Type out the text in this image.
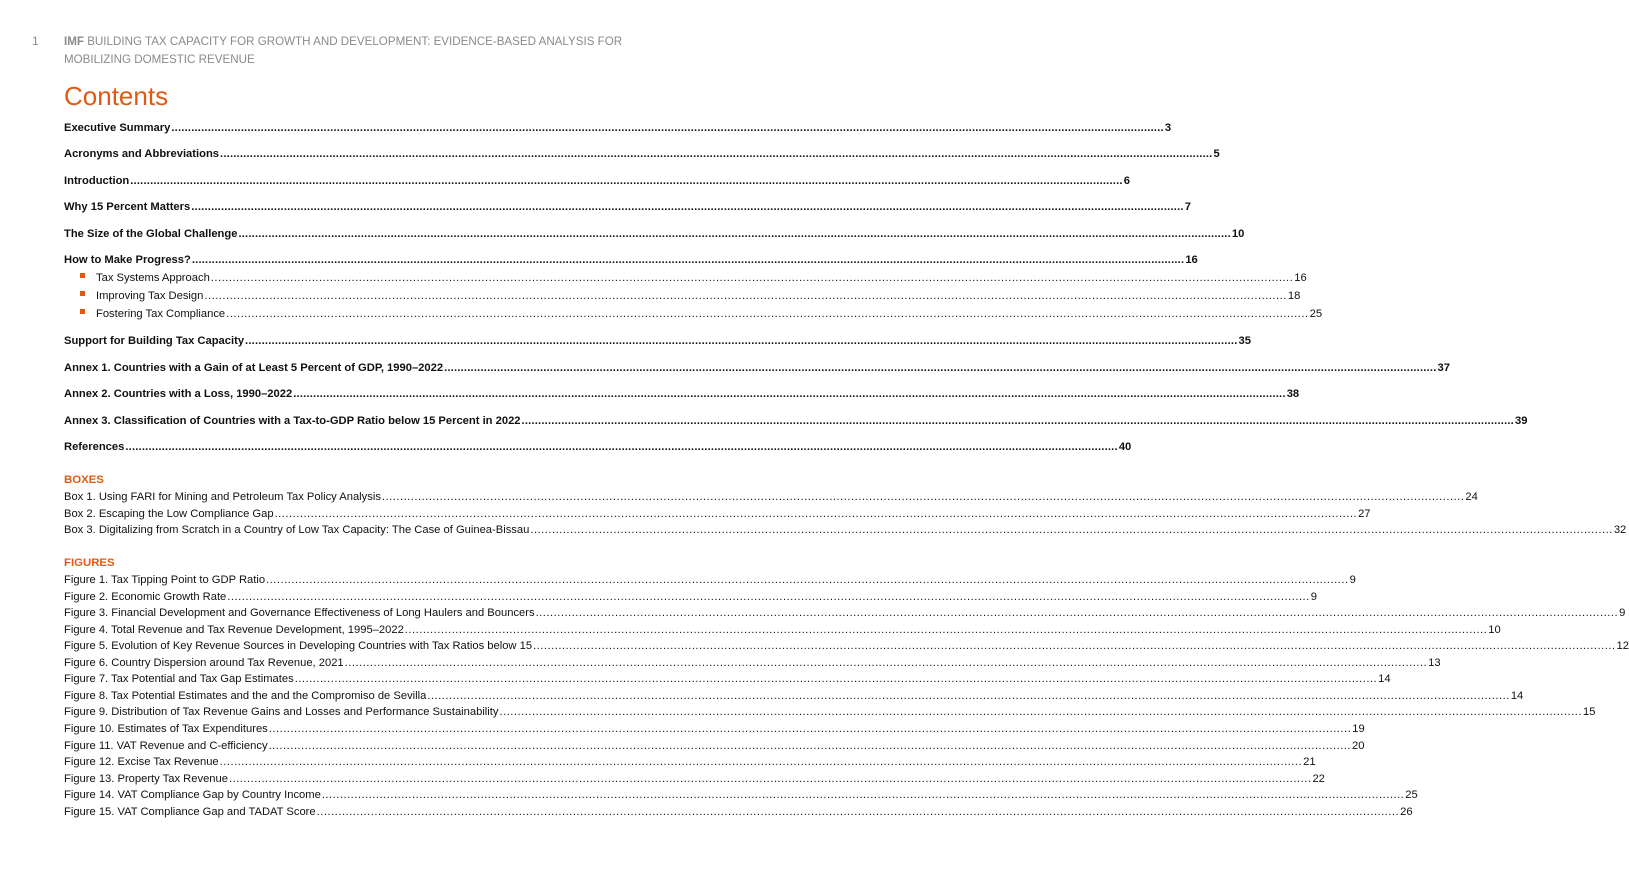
1 IMF BUILDING TAX CAPACITY FOR GROWTH AND DEVELOPMENT: EVIDENCE-BASED ANALYSIS FOR MOBILIZING DOMESTIC REVENUE
Contents
Executive Summary ............................................................................................................................................................................................................................................................................................................ 3
Acronyms and Abbreviations ............................................................................................................................................................................................................................................................................................................ 5
Introduction ............................................................................................................................................................................................................................................................................................................ 6
Why 15 Percent Matters ............................................................................................................................................................................................................................................................................................................ 7
The Size of the Global Challenge ............................................................................................................................................................................................................................................................................................................ 10
How to Make Progress? ............................................................................................................................................................................................................................................................................................................ 16
Tax Systems Approach ............................................................................................................................................................................................................................................................................................................ 16
Improving Tax Design ............................................................................................................................................................................................................................................................................................................ 18
Fostering Tax Compliance ............................................................................................................................................................................................................................................................................................................ 25
Support for Building Tax Capacity ............................................................................................................................................................................................................................................................................................................ 35
Annex 1. Countries with a Gain of at Least 5 Percent of GDP, 1990–2022 ............................................................................................................................................................................................................................................................................................................ 37
Annex 2. Countries with a Loss, 1990–2022 ............................................................................................................................................................................................................................................................................................................ 38
Annex 3. Classification of Countries with a Tax-to-GDP Ratio below 15 Percent in 2022 ............................................................................................................................................................................................................................................................................................................ 39
References ............................................................................................................................................................................................................................................................................................................ 40
Box 1. Using FARI for Mining and Petroleum Tax Policy Analysis ............................................................................................................................................................................................................................................................................................................ 24
Box 2. Escaping the Low Compliance Gap ............................................................................................................................................................................................................................................................................................................ 27
Box 3. Digitalizing from Scratch in a Country of Low Tax Capacity: The Case of Guinea-Bissau ............................................................................................................................................................................................................................................................................................................ 32
Figure 1. Tax Tipping Point to GDP Ratio ............................................................................................................................................................................................................................................................................................................ 9
Figure 2. Economic Growth Rate ............................................................................................................................................................................................................................................................................................................ 9
Figure 3. Financial Development and Governance Effectiveness of Long Haulers and Bouncers ............................................................................................................................................................................................................................................................................................................ 9
Figure 4. Total Revenue and Tax Revenue Development, 1995–2022 ............................................................................................................................................................................................................................................................................................................ 10
Figure 5. Evolution of Key Revenue Sources in Developing Countries with Tax Ratios below 15 ............................................................................................................................................................................................................................................................................................................ 12
Figure 6. Country Dispersion around Tax Revenue, 2021 ............................................................................................................................................................................................................................................................................................................ 13
Figure 7. Tax Potential and Tax Gap Estimates ............................................................................................................................................................................................................................................................................................................ 14
Figure 8. Tax Potential Estimates and the and the Compromiso de Sevilla ............................................................................................................................................................................................................................................................................................................ 14
Figure 9. Distribution of Tax Revenue Gains and Losses and Performance Sustainability ............................................................................................................................................................................................................................................................................................................ 15
Figure 10. Estimates of Tax Expenditures ............................................................................................................................................................................................................................................................................................................ 19
Figure 11. VAT Revenue and C-efficiency ............................................................................................................................................................................................................................................................................................................ 20
Figure 12. Excise Tax Revenue ............................................................................................................................................................................................................................................................................................................ 21
Figure 13. Property Tax Revenue ............................................................................................................................................................................................................................................................................................................ 22
Figure 14. VAT Compliance Gap by Country Income ............................................................................................................................................................................................................................................................................................................ 25
Figure 15. VAT Compliance Gap and TADAT Score ............................................................................................................................................................................................................................................................................................................ 26
BOXES
FIGURES
